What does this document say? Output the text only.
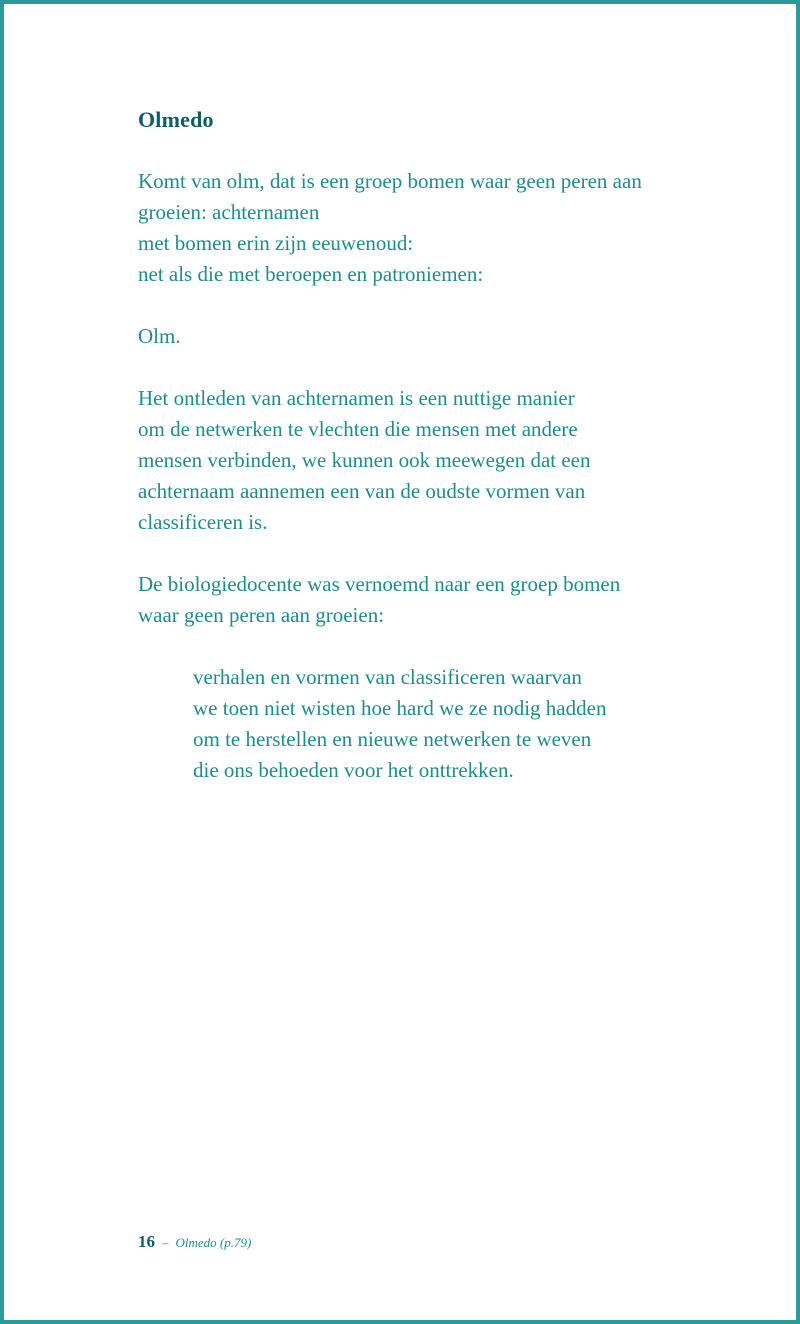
Olmedo
Komt van olm, dat is een groep bomen waar geen peren aan
groeien: achternamen
met bomen erin zijn eeuwenoud:
net als die met beroepen en patroniemen:
Olm.
Het ontleden van achternamen is een nuttige manier
om de netwerken te vlechten die mensen met andere
mensen verbinden, we kunnen ook meewegen dat een
achternaam aannemen een van de oudste vormen van
classificeren is.
De biologiedocente was vernoemd naar een groep bomen
waar geen peren aan groeien:
verhalen en vormen van classificeren waarvan
we toen niet wisten hoe hard we ze nodig hadden
om te herstellen en nieuwe netwerken te weven
die ons behoeden voor het onttrekken.
16 – Olmedo (p.79)
